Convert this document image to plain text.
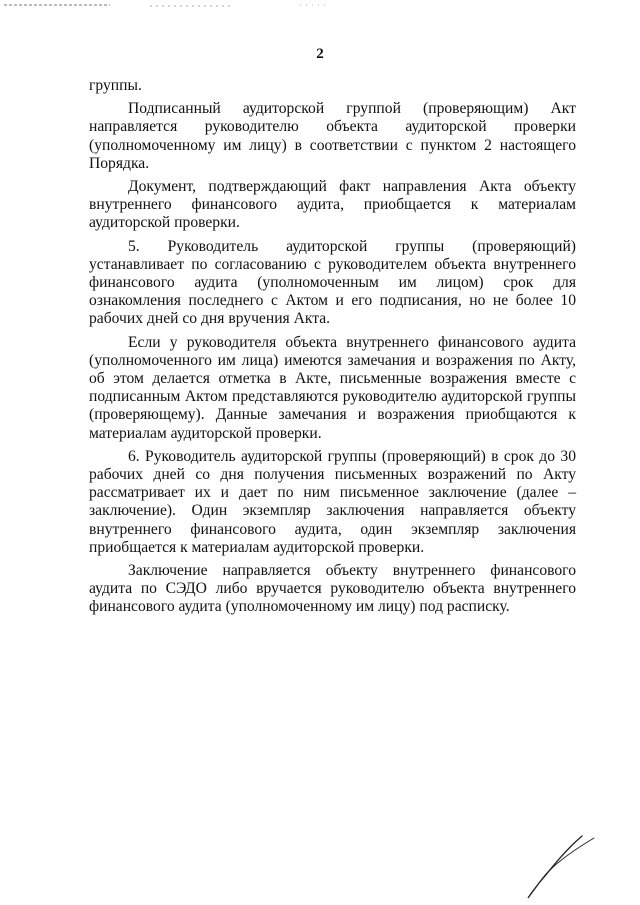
2

группы.

Подписанный аудиторской группой (проверяющим) Акт направляется руководителю объекта аудиторской проверки (уполномоченному им лицу) в соответствии с пунктом 2 настоящего Порядка.

Документ, подтверждающий факт направления Акта объекту внутреннего финансового аудита, приобщается к материалам аудиторской проверки.

5. Руководитель аудиторской группы (проверяющий) устанавливает по согласованию с руководителем объекта внутреннего финансового аудита (уполномоченным им лицом) срок для ознакомления последнего с Актом и его подписания, но не более 10 рабочих дней со дня вручения Акта.

Если у руководителя объекта внутреннего финансового аудита (уполномоченного им лица) имеются замечания и возражения по Акту, об этом делается отметка в Акте, письменные возражения вместе с подписанным Актом представляются руководителю аудиторской группы (проверяющему). Данные замечания и возражения приобщаются к материалам аудиторской проверки.

6. Руководитель аудиторской группы (проверяющий) в срок до 30 рабочих дней со дня получения письменных возражений по Акту рассматривает их и дает по ним письменное заключение (далее – заключение). Один экземпляр заключения направляется объекту внутреннего финансового аудита, один экземпляр заключения приобщается к материалам аудиторской проверки.

Заключение направляется объекту внутреннего финансового аудита по СЭДО либо вручается руководителю объекта внутреннего финансового аудита (уполномоченному им лицу) под расписку.
